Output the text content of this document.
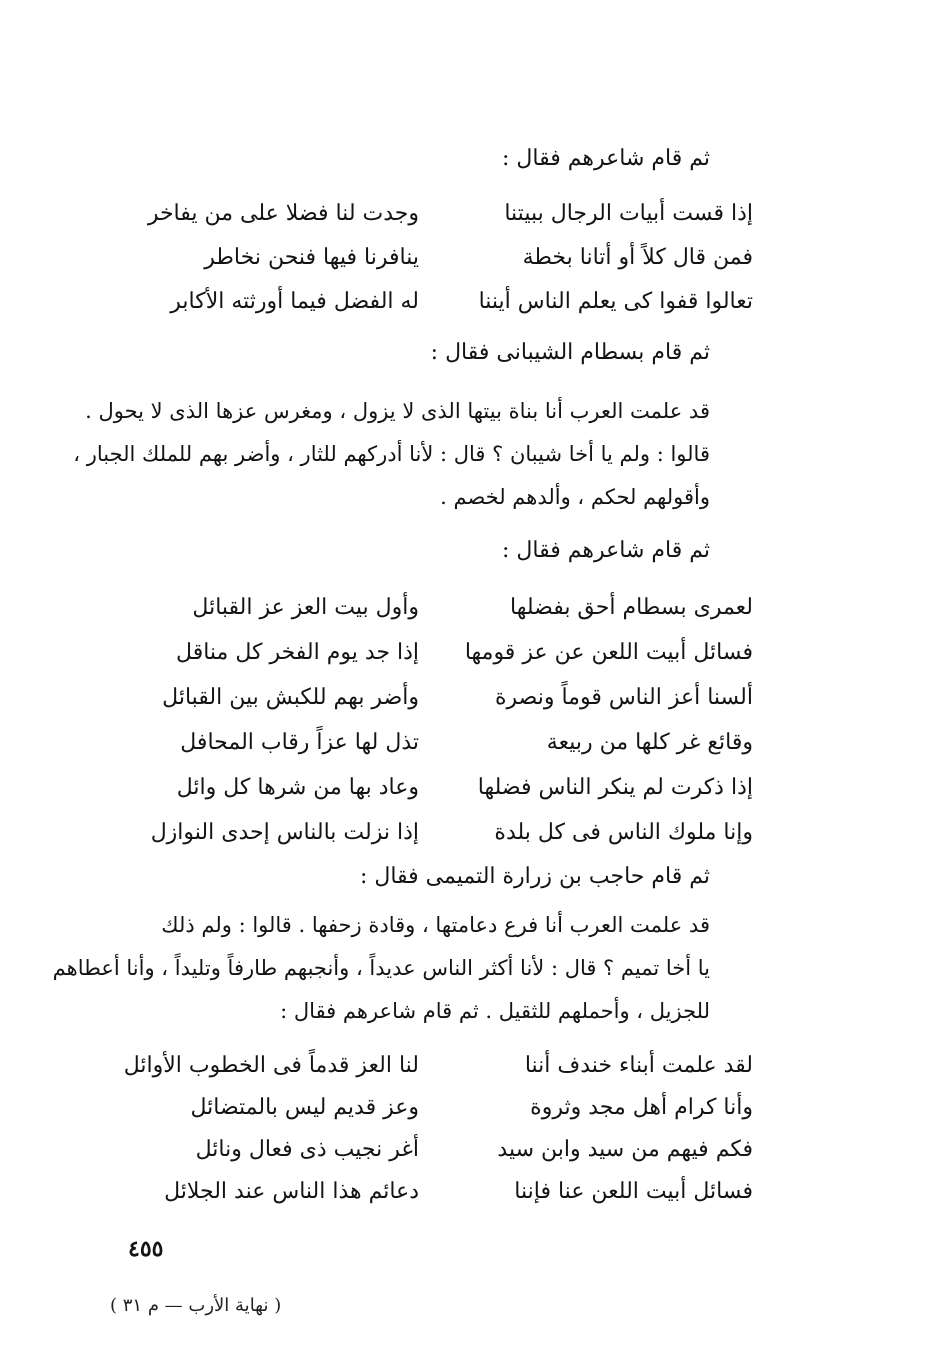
ثم قام شاعرهم فقال :
إذا قست أبيات الرجال ببيتنا
وجدت لنا فضلا على من يفاخر
فمن قال كلاً أو أتانا بخطة
ينافرنا فيها فنحن نخاطر
تعالوا قفوا كى يعلم الناس أيننا
له الفضل فيما أورثته الأكابر
ثم قام بسطام الشيبانى فقال :

قد علمت العرب أنا بناة بيتها الذى لا يزول ، ومغرس عزها الذى لا يحول .

قالوا : ولم يا أخا شيبان ؟ قال : لأنا أدركهم للثار ، وأضر بهم للملك الجبار ،

وأقولهم لحكم ، وألدهم لخصم .

ثم قام شاعرهم فقال :
لعمرى بسطام أحق بفضلها
وأول بيت العز عز القبائل
فسائل أبيت اللعن عن عز قومها
إذا جد يوم الفخر كل مناقل
ألسنا أعز الناس قوماً ونصرة
وأضر بهم للكبش بين القبائل
وقائع غر كلها من ربيعة
تذل لها عزاً رقاب المحافل
إذا ذكرت لم ينكر الناس فضلها
وعاد بها من شرها كل وائل
وإنا ملوك الناس فى كل بلدة
إذا نزلت بالناس إحدى النوازل
ثم قام حاجب بن زرارة التميمى فقال :

قد علمت العرب أنا فرع دعامتها ، وقادة زحفها . قالوا : ولم ذلك

يا أخا تميم ؟ قال : لأنا أكثر الناس عديداً ، وأنجبهم طارفاً وتليداً ، وأنا أعطاهم

للجزيل ، وأحملهم للثقيل . ثم قام شاعرهم فقال :

لقد علمت أبناء خندف أننا
لنا العز قدماً فى الخطوب الأوائل
وأنا كرام أهل مجد وثروة
وعز قديم ليس بالمتضائل
فكم فيهم من سيد وابن سيد
أغر نجيب ذى فعال ونائل
فسائل أبيت اللعن عنا فإننا
دعائم هذا الناس عند الجلائل
٤٥٥
( نهاية الأرب — م ٣١ )
